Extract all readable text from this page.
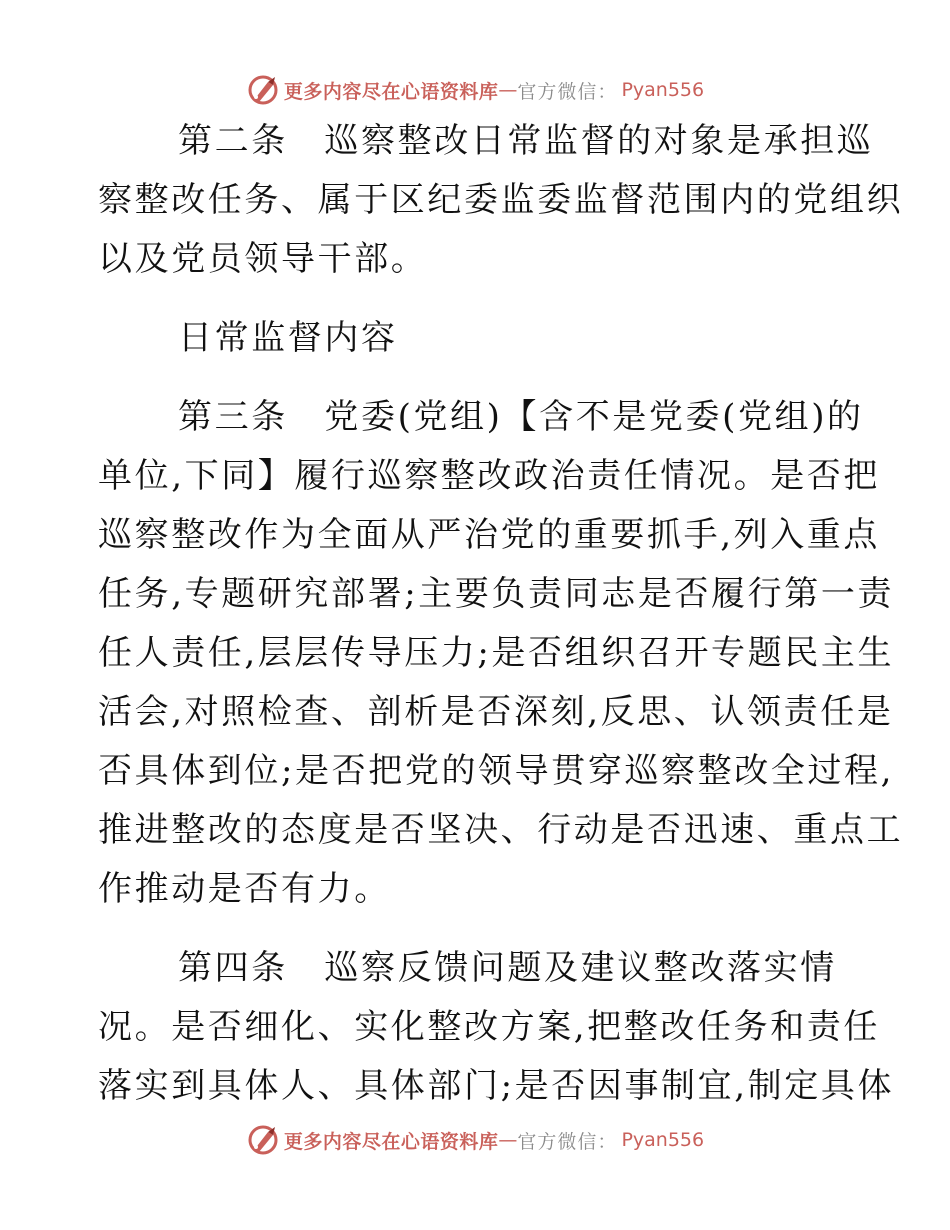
更多内容尽在心语资料库 — 官方微信： Pyan556
第二条　巡察整改日常监督的对象是承担巡
察整改任务、属于区纪委监委监督范围内的党组织
以及党员领导干部。
日常监督内容
第三条　党委(党组)【含不是党委(党组)的
单位,下同】履行巡察整改政治责任情况。是否把
巡察整改作为全面从严治党的重要抓手,列入重点
任务,专题研究部署;主要负责同志是否履行第一责
任人责任,层层传导压力;是否组织召开专题民主生
活会,对照检查、剖析是否深刻,反思、认领责任是
否具体到位;是否把党的领导贯穿巡察整改全过程,
推进整改的态度是否坚决、行动是否迅速、重点工
作推动是否有力。
第四条　巡察反馈问题及建议整改落实情
况。是否细化、实化整改方案,把整改任务和责任
落实到具体人、具体部门;是否因事制宜,制定具体
更多内容尽在心语资料库 — 官方微信： Pyan556
